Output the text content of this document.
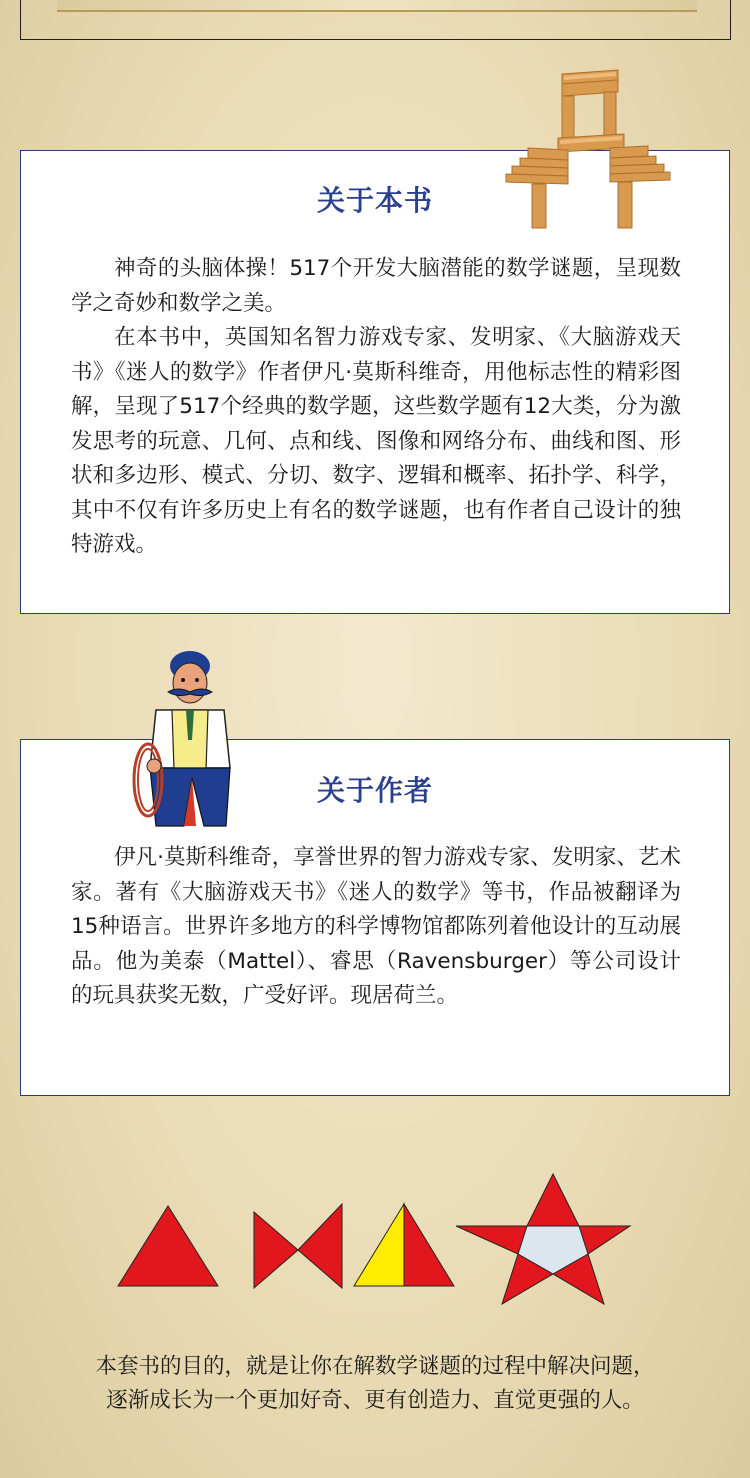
关于本书

神奇的头脑体操！517个开发大脑潜能的数学谜题，呈现数学之奇妙和数学之美。

在本书中，英国知名智力游戏专家、发明家、《大脑游戏天书》《迷人的数学》作者伊凡·莫斯科维奇，用他标志性的精彩图解，呈现了517个经典的数学题，这些数学题有12大类，分为激发思考的玩意、几何、点和线、图像和网络分布、曲线和图、形状和多边形、模式、分切、数字、逻辑和概率、拓扑学、科学，其中不仅有许多历史上有名的数学谜题，也有作者自己设计的独特游戏。

关于作者

伊凡·莫斯科维奇，享誉世界的智力游戏专家、发明家、艺术家。著有《大脑游戏天书》《迷人的数学》等书，作品被翻译为15种语言。世界许多地方的科学博物馆都陈列着他设计的互动展品。他为美泰（Mattel）、睿思（Ravensburger）等公司设计的玩具获奖无数，广受好评。现居荷兰。

本套书的目的，就是让你在解数学谜题的过程中解决问题，
逐渐成长为一个更加好奇、更有创造力、直觉更强的人。
